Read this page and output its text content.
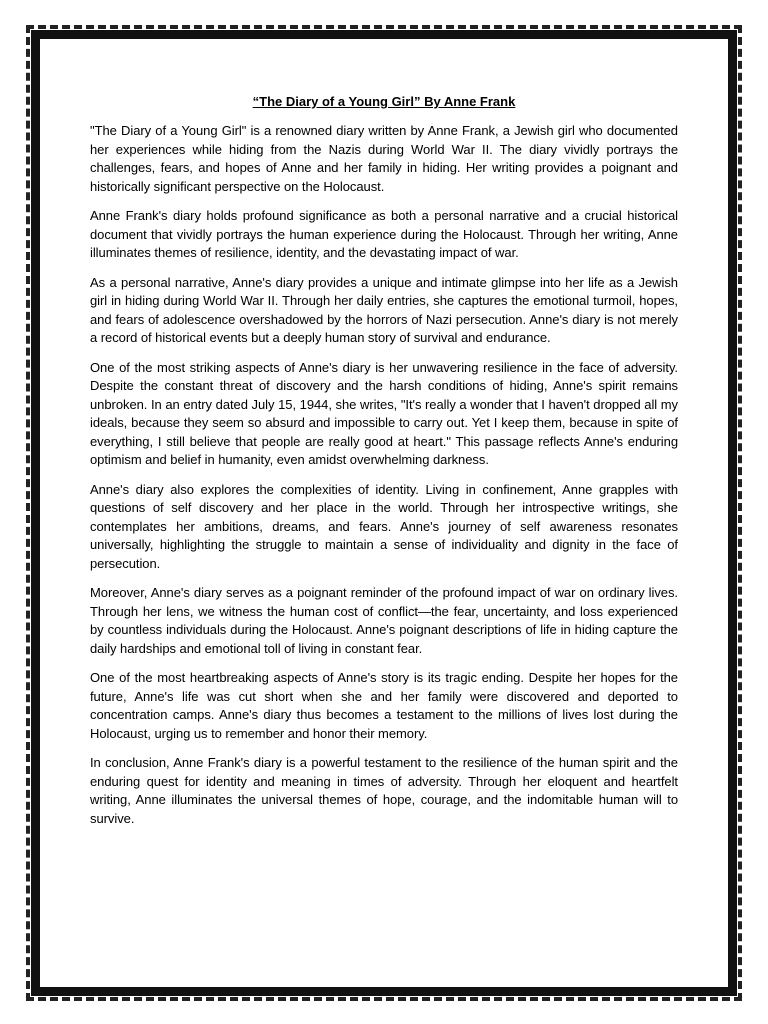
“The Diary of a Young Girl” By Anne Frank

"The Diary of a Young Girl" is a renowned diary written by Anne Frank, a Jewish girl who documented her experiences while hiding from the Nazis during World War II. The diary vividly portrays the challenges, fears, and hopes of Anne and her family in hiding. Her writing provides a poignant and historically significant perspective on the Holocaust.

Anne Frank's diary holds profound significance as both a personal narrative and a crucial historical document that vividly portrays the human experience during the Holocaust. Through her writing, Anne illuminates themes of resilience, identity, and the devastating impact of war.

As a personal narrative, Anne's diary provides a unique and intimate glimpse into her life as a Jewish girl in hiding during World War II. Through her daily entries, she captures the emotional turmoil, hopes, and fears of adolescence overshadowed by the horrors of Nazi persecution. Anne's diary is not merely a record of historical events but a deeply human story of survival and endurance.

One of the most striking aspects of Anne's diary is her unwavering resilience in the face of adversity. Despite the constant threat of discovery and the harsh conditions of hiding, Anne's spirit remains unbroken. In an entry dated July 15, 1944, she writes, "It's really a wonder that I haven't dropped all my ideals, because they seem so absurd and impossible to carry out. Yet I keep them, because in spite of everything, I still believe that people are really good at heart." This passage reflects Anne's enduring optimism and belief in humanity, even amidst overwhelming darkness.

Anne's diary also explores the complexities of identity. Living in confinement, Anne grapples with questions of self discovery and her place in the world. Through her introspective writings, she contemplates her ambitions, dreams, and fears. Anne's journey of self awareness resonates universally, highlighting the struggle to maintain a sense of individuality and dignity in the face of persecution.

Moreover, Anne's diary serves as a poignant reminder of the profound impact of war on ordinary lives. Through her lens, we witness the human cost of conflict—the fear, uncertainty, and loss experienced by countless individuals during the Holocaust. Anne's poignant descriptions of life in hiding capture the daily hardships and emotional toll of living in constant fear.

One of the most heartbreaking aspects of Anne's story is its tragic ending. Despite her hopes for the future, Anne's life was cut short when she and her family were discovered and deported to concentration camps. Anne's diary thus becomes a testament to the millions of lives lost during the Holocaust, urging us to remember and honor their memory.

In conclusion, Anne Frank's diary is a powerful testament to the resilience of the human spirit and the enduring quest for identity and meaning in times of adversity. Through her eloquent and heartfelt writing, Anne illuminates the universal themes of hope, courage, and the indomitable human will to survive.
